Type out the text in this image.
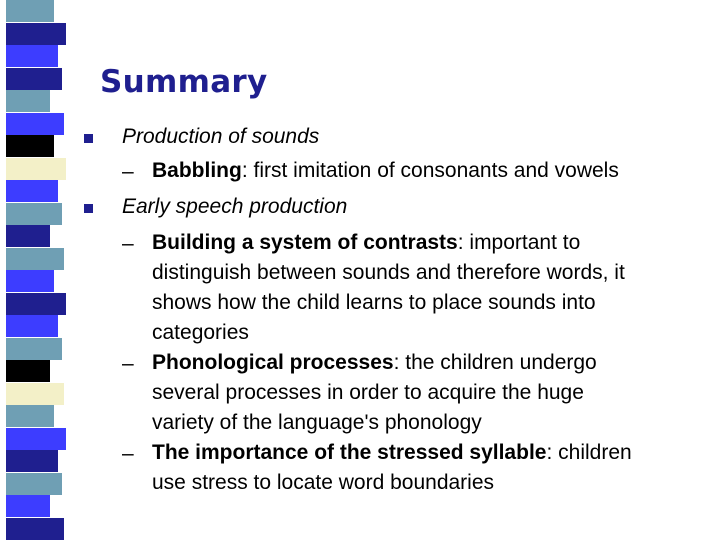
Summary
Production of sounds
– Babbling: first imitation of consonants and vowels
Early speech production
– Building a system of contrasts: important to
distinguish between sounds and therefore words, it
shows how the child learns to place sounds into
categories
– Phonological processes: the children undergo
several processes in order to acquire the huge
variety of the language's phonology
– The importance of the stressed syllable: children
use stress to locate word boundaries
